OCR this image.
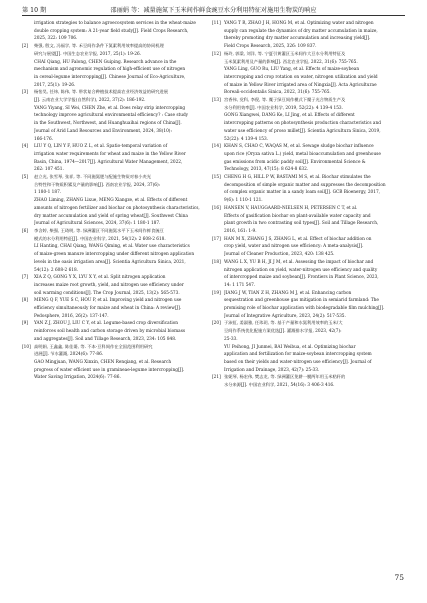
第 10 期	邵丽娟 等：减量施氮下玉米间作鲜食豌豆水分利用特征对施用生物炭的响应
irrigation strategies to balance agroecosystem services in the wheat-maize
double cropping system: A 21-year field study[J]. Field Crops Research,
2025, 322: 109 706.
[2]	柴强, 殷文, 冯福学, 等. 禾豆间作条件下氮素利用效率提高的协同机理
研究与展望[J]. 中国生态农业学报, 2017, 25(1): 19-26.
CHAI Qiang, HU Falong, CHEN Guiping. Research advance in the
mechanism and agronomic regulation of high-efficient use of nitrogen
in cereal-legume intercropping[J]. Chinese Journal of Eco-Agriculture,
2017, 25(1): 19-26.
[3]	杨怡昊, 任炜, 陈伟, 等. 带状复合种植技术提高农业经济效益的研究进展
[J]. 云南农业大学学报(自然科学), 2022, 37(2): 186-192.
YANG Yiyang, SI Wei, CHEN Zhe, et al. Does relay strip intercropping
technology improve agricultural environmental efficiency? : Case study
in the Southwest, Northwest, and Huanghuaihai regions of China[J].
Journal of Arid Land Resources and Environment, 2024, 38(10):
166-176.
[4]	LIU Y Q, LIN Y F, HUO Z L, et al. Spatio-temporal variation of
irrigation water requirements for wheat and maize in the Yellow River
Basin, China, 1974—2017[J]. Agricultural Water Management, 2022,
262: 107 451.
[5]	赵立光, 张雪琴, 张祥, 等. 不同施氮肥与配施生物炭对春小麦光
合特性和干物质积累及产量的影响[J]. 西南农业学报, 2024, 37(6):
1 180-1 187.
ZHAO Liming, ZHANG Lixue, MENG Xiangze, et al. Effects of different
amounts of nitrogen fertilizer and biochar on photosynthesis characteristics,
dry matter accumulation and yield of spring wheat[J]. Southwest China
Journal of Agricultural Sciences, 2024, 37(6): 1 180-1 187.
[6]	李含婷, 柴强, 王琦明, 等. 绿洲灌区不同施氮水平下玉米间作鲜食豌豆
模式的水分利用特征[J]. 中国农业科学, 2021, 54(12): 2 608-2 618.
LI Hanting, CHAI Qiang, WANG Qiming, et al. Water use characteristics
of maize-green manure intercropping under different nitrogen application
levels in the oasis irrigation area[J]. Scientia Agricultura Sinica, 2021,
54(12): 2 608-2 618.
[7]	XIA Z Q, GONG Y X, LYU X Y, et al. Split nitrogen application
increases maize root growth, yield, and nitrogen use efficiency under
soil warming conditions[J]. The Crop Journal, 2025, 13(2): 565-573.
[8]	MENG Q F, YUE S C, HOU P, et al. Improving yield and nitrogen use
efficiency simultaneously for maize and wheat in China: A review[J].
Pedosphere, 2016, 26(2): 137-147.
[9]	YAN Z J, ZHOU J, LIU C Y, et al. Legume-based crop diversification
reinforces soil health and carbon storage driven by microbial biomass
and aggregates[J]. Soil and Tillage Research, 2023, 234: 105 848.
[10] 高明娟, 王鑫鑫, 陈佳婆, 等. 不本-豆科间作在全国范围利用研究
进展[J]. 节水灌溉, 2024(6): 77-86.
GAO Mingjuan, WANG Xinxin, CHEN Renqiang, et al. Research
progress of water efficient use in gramineae-legume intercropping[J].
Water Saving Irrigation, 2024(6): 77-86.
[11] YANG T R, ZHAO J H, HONG M, et al. Optimizing water and nitrogen
supply can regulate the dynamics of dry matter accumulation in maize,
thereby promoting dry matter accumulation and increasing yield[J].
Field Crops Research, 2025, 326: 109 837.
[12] 杨玲, 郭梁, 刘洋, 等. 宁夏引黄灌区玉米间作大豆水分利用特征及
玉米氮素利用及产量的影响[J]. 西北农业学报, 2022, 31(6): 755-765.
YANG Ling, GUO Ru, LIU Yang, et al. Effects of maize-soybean
intercropping and crop rotation on water, nitrogen utilization and yield
of maize in Yellow River irrigated area of Ningxia[J]. Acta Agriculturae
Boreali-occidentalis Sinica, 2022, 31(6): 755-765.
[13] 宫香伟, 党科, 李倪, 等. 糜子绿豆间作模式下糜子光合物质生产及
水分利用效率[J]. 中国农业科学, 2019, 52(22): 4 139-4 153.
GONG Xiangwei, DANG Ke, LI Jing, et al. Effects of different
intercropping patterns on photosynthesis production characteristics and
water use efficiency of proso millet[J]. Scientia Agricultura Sinica, 2019,
52(22): 4 139-4 153.
[14] KHAN S, CHAO C, WAQAS M, et al. Sewage sludge biochar influence
upon rice (Oryza sativa L.) yield, metal bioaccumulation and greenhouse
gas emissions from acidic paddy soil[J]. Environmental Science &
Technology, 2013, 47(15): 8 624-8 632.
[15] CHENG H G, HILL P W, BASTAMI M S, et al. Biochar stimulates the
decomposition of simple organic matter and suppresses the decomposition
of complex organic matter in a sandy loam soil[J]. GCB Bioenergy, 2017,
9(6): 1 110-1 121.
[16] HANSEN V, HAUGGAARD-NIELSEN H, PETERSEN C T, et al.
Effects of gasification biochar on plant-available water capacity and
plant growth in two contrasting soil types[J]. Soil and Tillage Research,
2016, 161: 1-9.
[17] HAN M X, ZHANG J S, ZHANG L, et al. Effect of biochar addition on
crop yield, water and nitrogen use efficiency: A meta-analysis[J].
Journal of Cleaner Production, 2023, 420: 138 425.
[18] WANG L X, YU B H, JI J M, et al. Assessing the impact of biochar and
nitrogen application on yield, water-nitrogen use efficiency and quality
of intercropped maize and soybean[J]. Frontiers in Plant Science, 2023,
14: 1 171 547.
[19] JIANG J W, TIAN Z H, ZHANG M J, et al. Enhancing carbon
sequestration and greenhouse gas mitigation in semiarid farmland: The
promising role of biochar application with biodegradable film mulching[J].
Journal of Integrative Agriculture, 2023, 24(2): 517-535.
[20] 于沛虹, 姜淑雅, 任玮玥, 等. 基于产量和水氮利用效率的玉米/大
豆间作系统优化配施方案优选[J]. 灌溉排水学报, 2023, 42(7):
25-33.
YU Peihong, JI Junmei, BAI Weibua, et al. Optimizing biochar
application and fertilization for maize-soybean intercropping system
based on their yields and water-nitrogen use efficiency[J]. Journal of
Irrigation and Drainage, 2023, 42(7): 25-33.
[21] 张妮琴, 杨宏伟, 樊志龙, 等. 绿洲灌区免耕一膜两年用玉米秸秆的
水分来源[J]. 中国农业科学, 2021, 54(16): 3 406-3 416.
75
